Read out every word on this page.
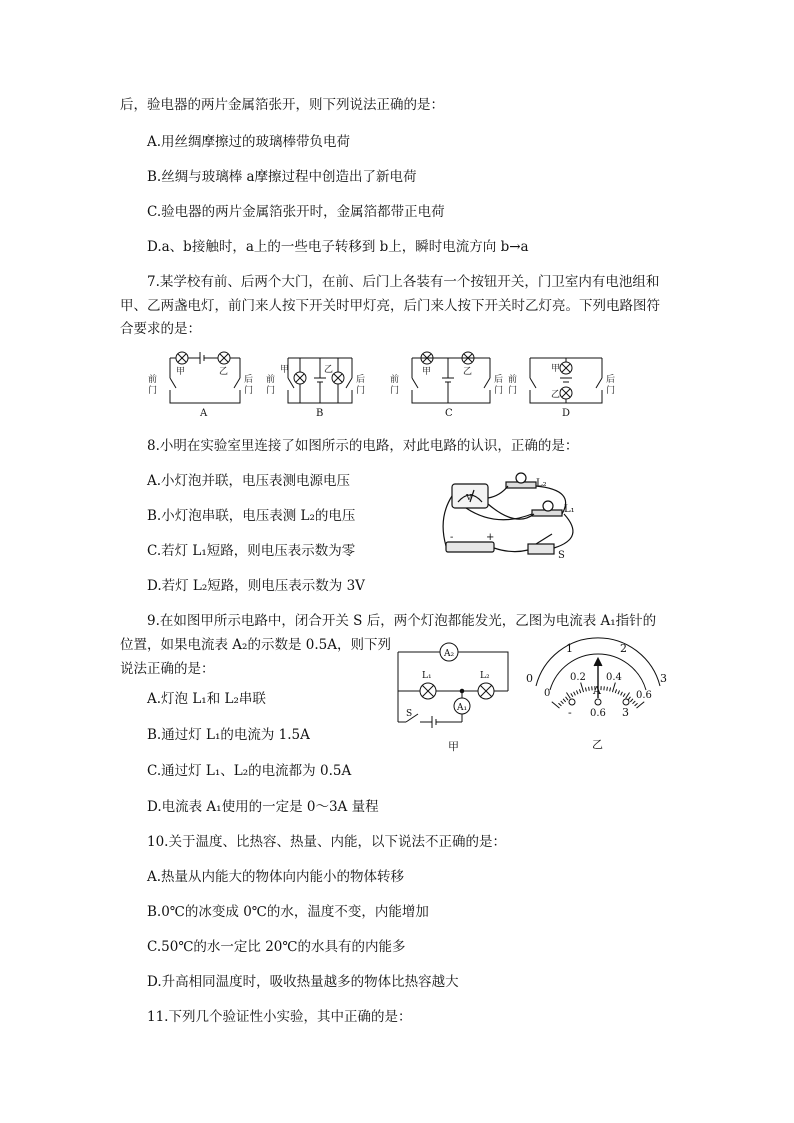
后，验电器的两片金属箔张开，则下列说法正确的是：
A.用丝绸摩擦过的玻璃棒带负电荷
B.丝绸与玻璃棒 a摩擦过程中创造出了新电荷
C.验电器的两片金属箔张开时，金属箔都带正电荷
D.a、b接触时，a上的一些电子转移到 b上，瞬时电流方向 b→a
7.某学校有前、后两个大门，在前、后门上各装有一个按钮开关，门卫室内有电池组和
甲、乙两盏电灯，前门来人按下开关时甲灯亮，后门来人按下开关时乙灯亮。下列电路图符
合要求的是：
前
门
后
门
甲	乙
A
前
门
后
门
甲	乙
B
前
门
后
门
甲	乙
C
前
门
后
门
甲
乙
D
8.小明在实验室里连接了如图所示的电路，对此电路的认识，正确的是：
A.小灯泡并联，电压表测电源电压
B.小灯泡串联，电压表测 L₂的电压
C.若灯 L₁短路，则电压表示数为零
D.若灯 L₂短路，则电压表示数为 3V
V
L₂
L₁
S
-	+
9.在如图甲所示电路中，闭合开关 S 后，两个灯泡都能发光，乙图为电流表 A₁指针的
位置，如果电流表 A₂的示数是 0.5A，则下列
说法正确的是：
A.灯泡 L₁和 L₂串联
B.通过灯 L₁的电流为 1.5A
C.通过灯 L₁、L₂的电流都为 0.5A
D.电流表 A₁使用的一定是 0～3A 量程
A₂
A₁
L₁	L₂
S
甲
0
1	2
3
0
0.2 0.4
0.6
A
- 0.6 3
乙
10.关于温度、比热容、热量、内能，以下说法不正确的是：
A.热量从内能大的物体向内能小的物体转移
B.0℃的冰变成 0℃的水，温度不变，内能增加
C.50℃的水一定比 20℃的水具有的内能多
D.升高相同温度时，吸收热量越多的物体比热容越大
11.下列几个验证性小实验，其中正确的是：
